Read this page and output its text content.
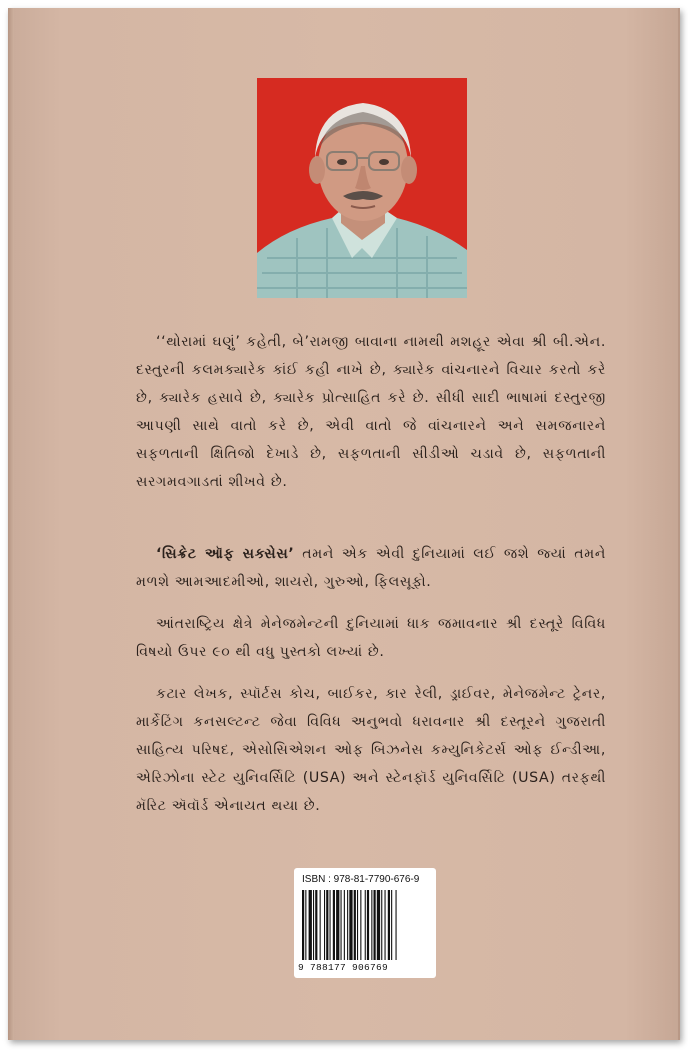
‘‘થોરામાં ઘણું’ કહેતી, બે’રામજી બાવાના નામથી મશહૂર એવા શ્રી બી.એન. દસ્તુરની કલમક્યારેક કાંઈ કહી નાખે છે, ક્યારેક વાંચનારને વિચાર કરતો કરે છે, ક્યારેક હસાવે છે, ક્યારેક પ્રોત્સાહિત કરે છે. સીધી સાદી ભાષામાં દસ્તુરજી આપણી સાથે વાતો કરે છે, એવી વાતો જે વાંચનારને અને સમજનારને સફળતાની ક્ષિતિજો દેખાડે છે, સફળતાની સીડીઓ ચડાવે છે, સફળતાની સરગમવગાડતાં શીખવે છે.

‘સિક્રેટ ઑફ સક્સેસ’ તમને એક એવી દુનિયામાં લઈ જશે જ્યાં તમને મળશે આમઆદમીઓ, શાયરો, ગુરુઓ, ફિલસૂફો.

આંતરાષ્ટ્રિય ક્ષેત્રે મેનેજમેન્ટની દુનિયામાં ધાક જમાવનાર શ્રી દસ્તૂરે વિવિધ વિષયો ઉપર ૯૦ થી વધુ પુસ્તકો લખ્યાં છે.

કટાર લેખક, સ્પૉર્ટસ કોચ, બાઈકર, કાર રેલી, ડ્રાઈવર, મેનેજમેન્ટ ટ્રેનર, માર્કેટિંગ કનસલ્ટન્ટ જેવા વિવિધ અનુભવો ધરાવનાર શ્રી દસ્તૂરને ગુજરાતી સાહિત્ય પરિષદ, એસોસિએશન ઓફ બિઝનેસ કમ્યુનિકેટર્સ ઓફ ઈન્ડીઆ, એરિઝોના સ્ટેટ યુનિવર્સિટિ (USA) અને સ્ટેનફૉર્ડ યુનિવર્સિટિ (USA) તરફથી મૅરિટ ઍવૉર્ડ એનાયત થયા છે.

ISBN : 978-81-7790-676-9
9 788177 906769
